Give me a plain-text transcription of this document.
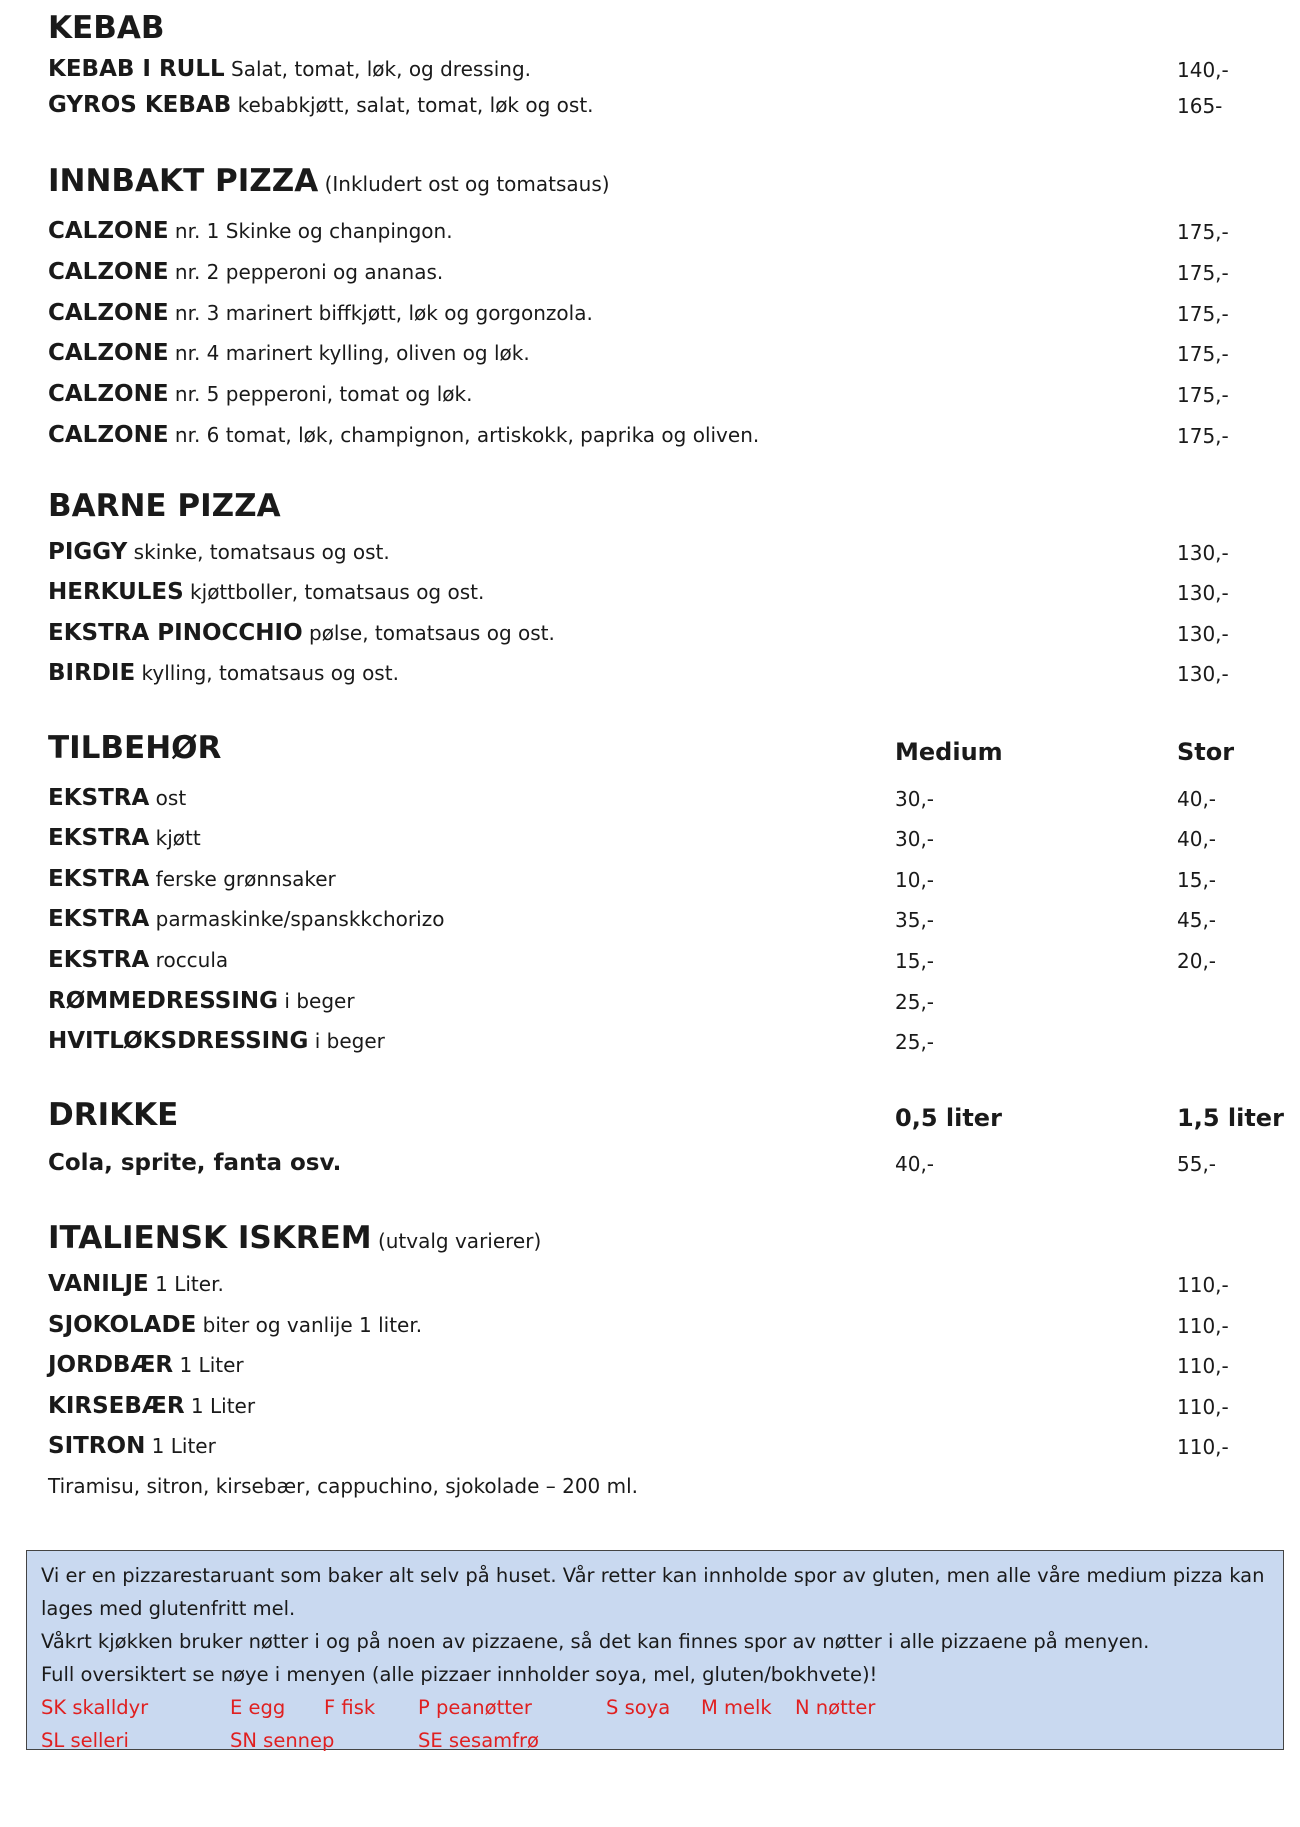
KEBAB
KEBAB I RULL Salat, tomat, løk, og dressing.	140,-
GYROS KEBAB kebabkjøtt, salat, tomat, løk og ost.	165-
INNBAKT PIZZA (Inkludert ost og tomatsaus)
CALZONE nr. 1 Skinke og chanpingon.	175,-
CALZONE nr. 2 pepperoni og ananas.	175,-
CALZONE nr. 3 marinert biffkjøtt, løk og gorgonzola.	175,-
CALZONE nr. 4 marinert kylling, oliven og løk.	175,-
CALZONE nr. 5 pepperoni, tomat og løk.	175,-
CALZONE nr. 6 tomat, løk, champignon, artiskokk, paprika og oliven.	175,-
BARNE PIZZA
PIGGY skinke, tomatsaus og ost.	130,-
HERKULES kjøttboller, tomatsaus og ost.	130,-
EKSTRA PINOCCHIO pølse, tomatsaus og ost.	130,-
BIRDIE kylling, tomatsaus og ost.	130,-
TILBEHØR	Medium	Stor
EKSTRA ost	30,-	40,-
EKSTRA kjøtt	30,-	40,-
EKSTRA ferske grønnsaker	10,-	15,-
EKSTRA parmaskinke/spanskkchorizo	35,-	45,-
EKSTRA roccula	15,-	20,-
RØMMEDRESSING i beger	25,-
HVITLØKSDRESSING i beger	25,-
DRIKKE	0,5 liter	1,5 liter
Cola, sprite, fanta osv.	40,-	55,-
ITALIENSK ISKREM (utvalg varierer)
VANILJE 1 Liter.	110,-
SJOKOLADE biter og vanlije 1 liter.	110,-
JORDBÆR 1 Liter	110,-
KIRSEBÆR 1 Liter	110,-
SITRON 1 Liter	110,-
Tiramisu, sitron, kirsebær, cappuchino, sjokolade – 200 ml.

Vi er en pizzarestaruant som baker alt selv på huset. Vår retter kan innholde spor av gluten, men alle våre medium pizza kan

lages med glutenfritt mel.

Våkrt kjøkken bruker nøtter i og på noen av pizzaene, så det kan finnes spor av nøtter i alle pizzaene på menyen.

Full oversiktert se nøye i menyen (alle pizzaer innholder soya, mel, gluten/bokhvete)!

SK skalldyr	E egg F fisk P peanøtter	S soya M melk N nøtter
SL selleri	SN sennep	SE sesamfrø
